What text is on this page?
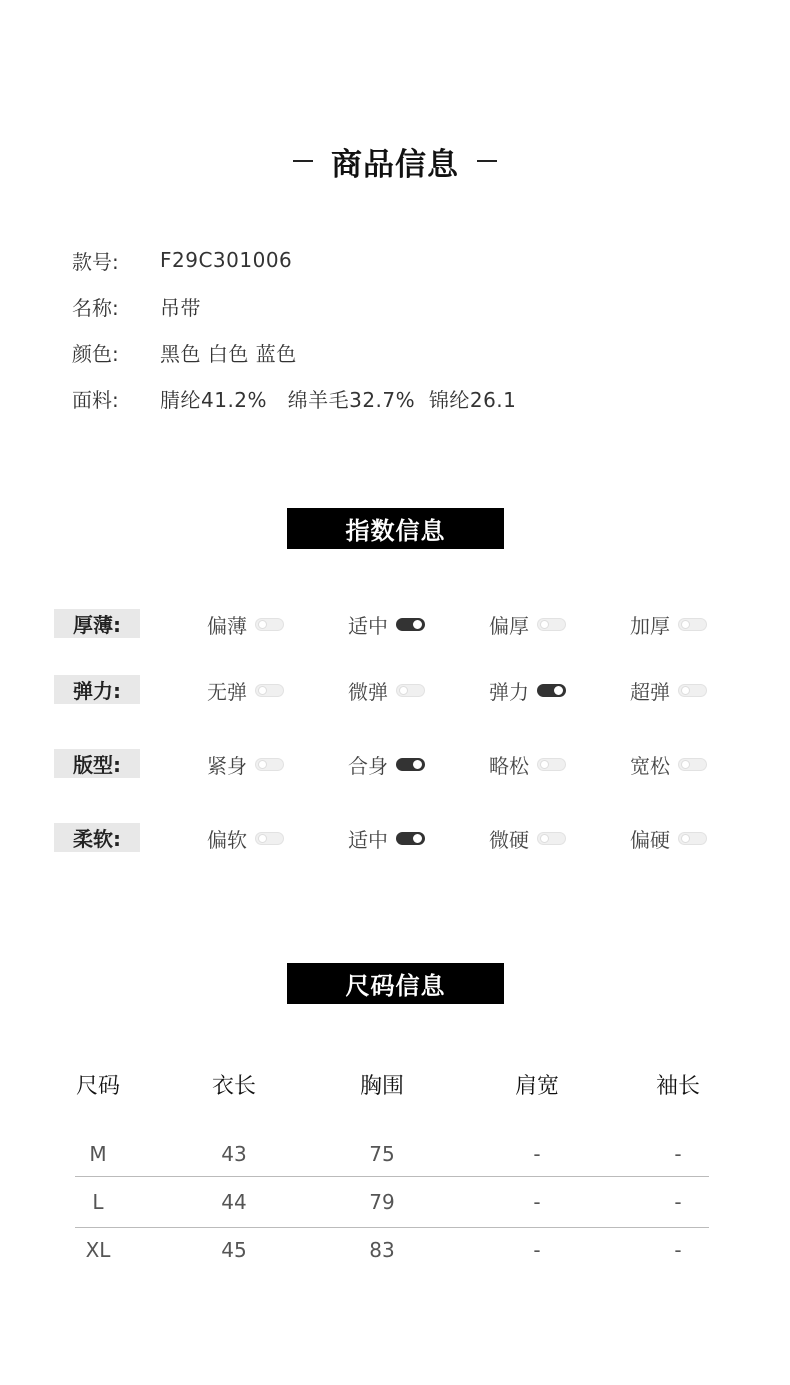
商品信息
款号:	F29C301006
名称:	吊带
颜色:	黑色 白色 蓝色
面料:	腈纶41.2%   绵羊毛32.7%  锦纶26.1
指数信息
厚薄:	偏薄	适中	偏厚	加厚
弹力:	无弹	微弹	弹力	超弹
版型:	紧身	合身	略松	宽松
柔软:	偏软	适中	微硬	偏硬
尺码信息
尺码	衣长	胸围	肩宽	袖长
M	43	75	-	-
L	44	79	-	-
XL	45	83	-	-
